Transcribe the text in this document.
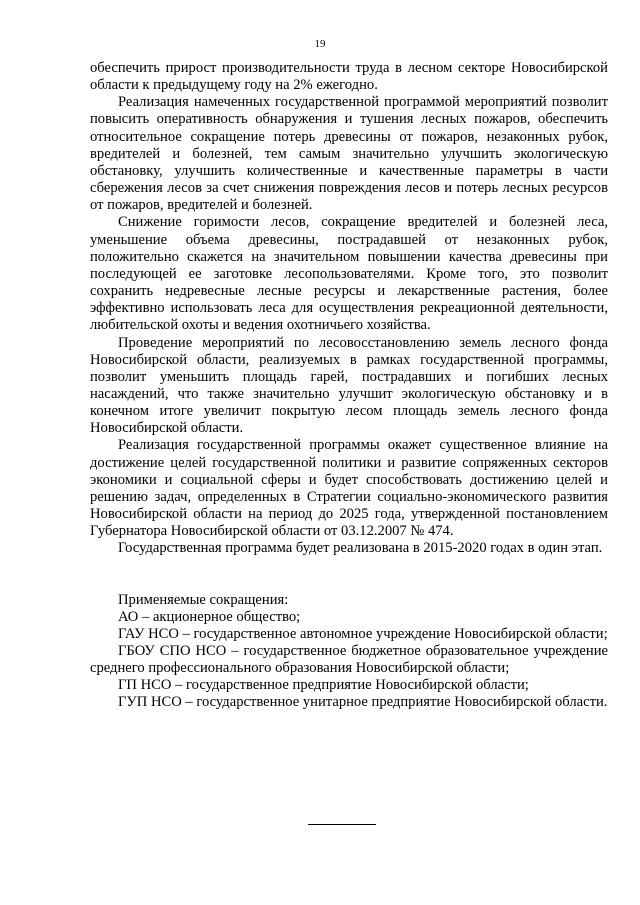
19

обеспечить прирост производительности труда в лесном секторе Новосибирской области к предыдущему году на 2% ежегодно.

Реализация намеченных государственной программой мероприятий позволит повысить оперативность обнаружения и тушения лесных пожаров, обеспечить относительное сокращение потерь древесины от пожаров, незаконных рубок, вредителей и болезней, тем самым значительно улучшить экологическую обстановку, улучшить количественные и качественные параметры в части сбережения лесов за счет снижения повреждения лесов и потерь лесных ресурсов от пожаров, вредителей и болезней.

Снижение горимости лесов, сокращение вредителей и болезней леса, уменьшение объема древесины, пострадавшей от незаконных рубок, положительно скажется на значительном повышении качества древесины при последующей ее заготовке лесопользователями. Кроме того, это позволит сохранить недревесные лесные ресурсы и лекарственные растения, более эффективно использовать леса для осуществления рекреационной деятельности, любительской охоты и ведения охотничьего хозяйства.

Проведение мероприятий по лесовосстановлению земель лесного фонда Новосибирской области, реализуемых в рамках государственной программы, позволит уменьшить площадь гарей, пострадавших и погибших лесных насаждений, что также значительно улучшит экологическую обстановку и в конечном итоге увеличит покрытую лесом площадь земель лесного фонда Новосибирской области.

Реализация государственной программы окажет существенное влияние на достижение целей государственной политики и развитие сопряженных секторов экономики и социальной сферы и будет способствовать достижению целей и решению задач, определенных в Стратегии социально-экономического развития Новосибирской области на период до 2025 года, утвержденной постановлением Губернатора Новосибирской области от 03.12.2007 № 474.

Государственная программа будет реализована в 2015-2020 годах в один этап.

Применяемые сокращения:

АО – акционерное общество;

ГАУ НСО – государственное автономное учреждение Новосибирской области;

ГБОУ СПО НСО – государственное бюджетное образовательное учреждение среднего профессионального образования Новосибирской области;

ГП НСО – государственное предприятие Новосибирской области;

ГУП НСО – государственное унитарное предприятие Новосибирской области.
